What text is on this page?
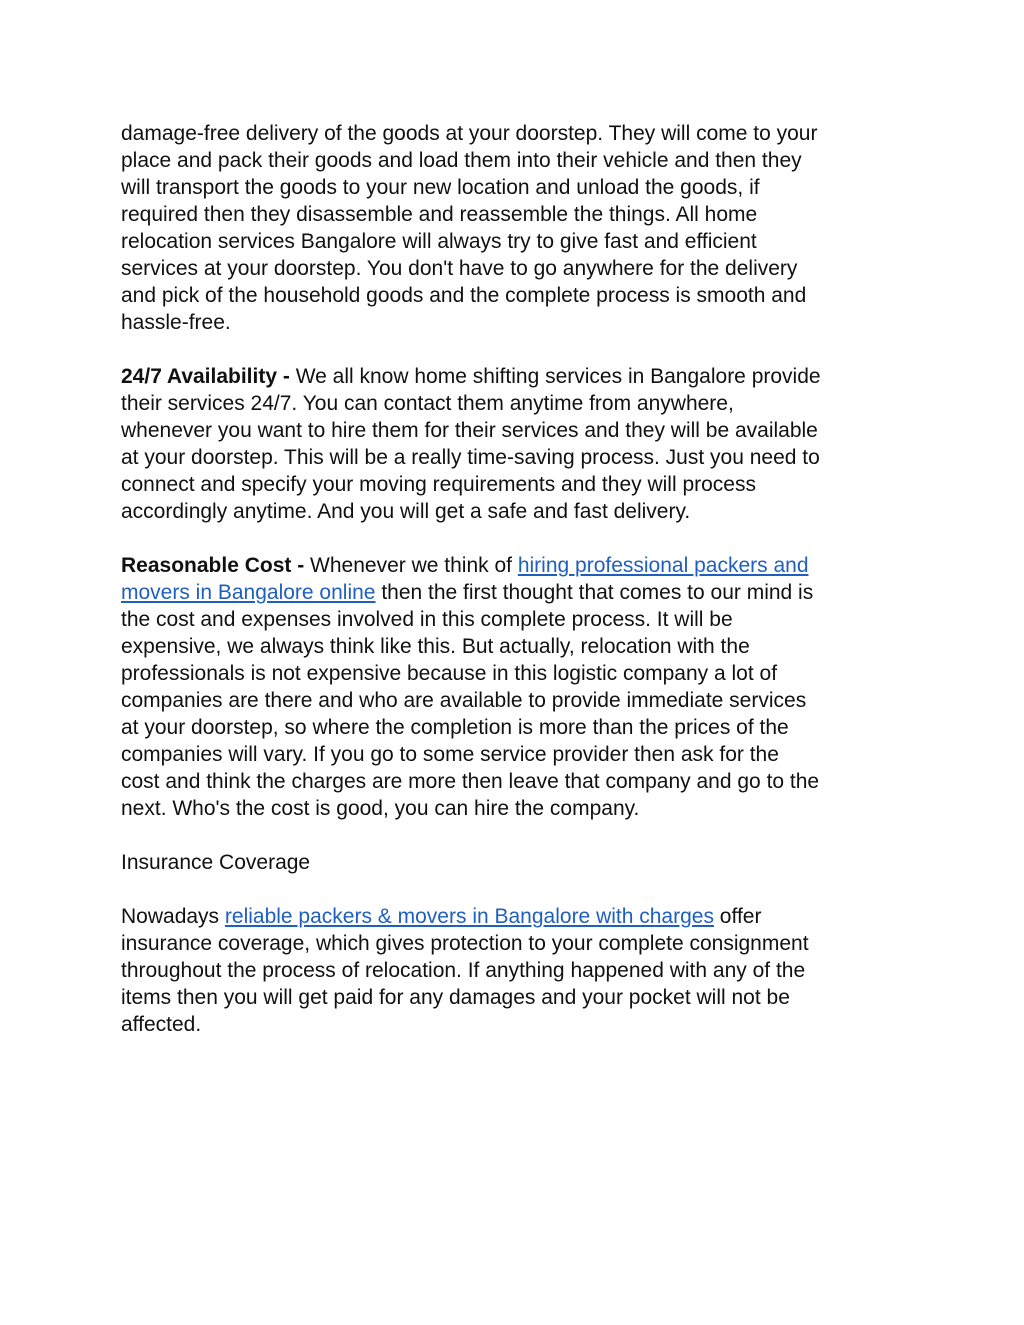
damage-free delivery of the goods at your doorstep. They will come to your
place and pack their goods and load them into their vehicle and then they
will transport the goods to your new location and unload the goods, if
required then they disassemble and reassemble the things. All home
relocation services Bangalore will always try to give fast and efficient
services at your doorstep. You don't have to go anywhere for the delivery
and pick of the household goods and the complete process is smooth and
hassle-free.
24/7 Availability - We all know home shifting services in Bangalore provide
their services 24/7. You can contact them anytime from anywhere,
whenever you want to hire them for their services and they will be available
at your doorstep. This will be a really time-saving process. Just you need to
connect and specify your moving requirements and they will process
accordingly anytime. And you will get a safe and fast delivery.
Reasonable Cost - Whenever we think of hiring professional packers and
movers in Bangalore online then the first thought that comes to our mind is
the cost and expenses involved in this complete process. It will be
expensive, we always think like this. But actually, relocation with the
professionals is not expensive because in this logistic company a lot of
companies are there and who are available to provide immediate services
at your doorstep, so where the completion is more than the prices of the
companies will vary. If you go to some service provider then ask for the
cost and think the charges are more then leave that company and go to the
next. Who's the cost is good, you can hire the company.
Insurance Coverage
Nowadays reliable packers & movers in Bangalore with charges offer
insurance coverage, which gives protection to your complete consignment
throughout the process of relocation. If anything happened with any of the
items then you will get paid for any damages and your pocket will not be
affected.
